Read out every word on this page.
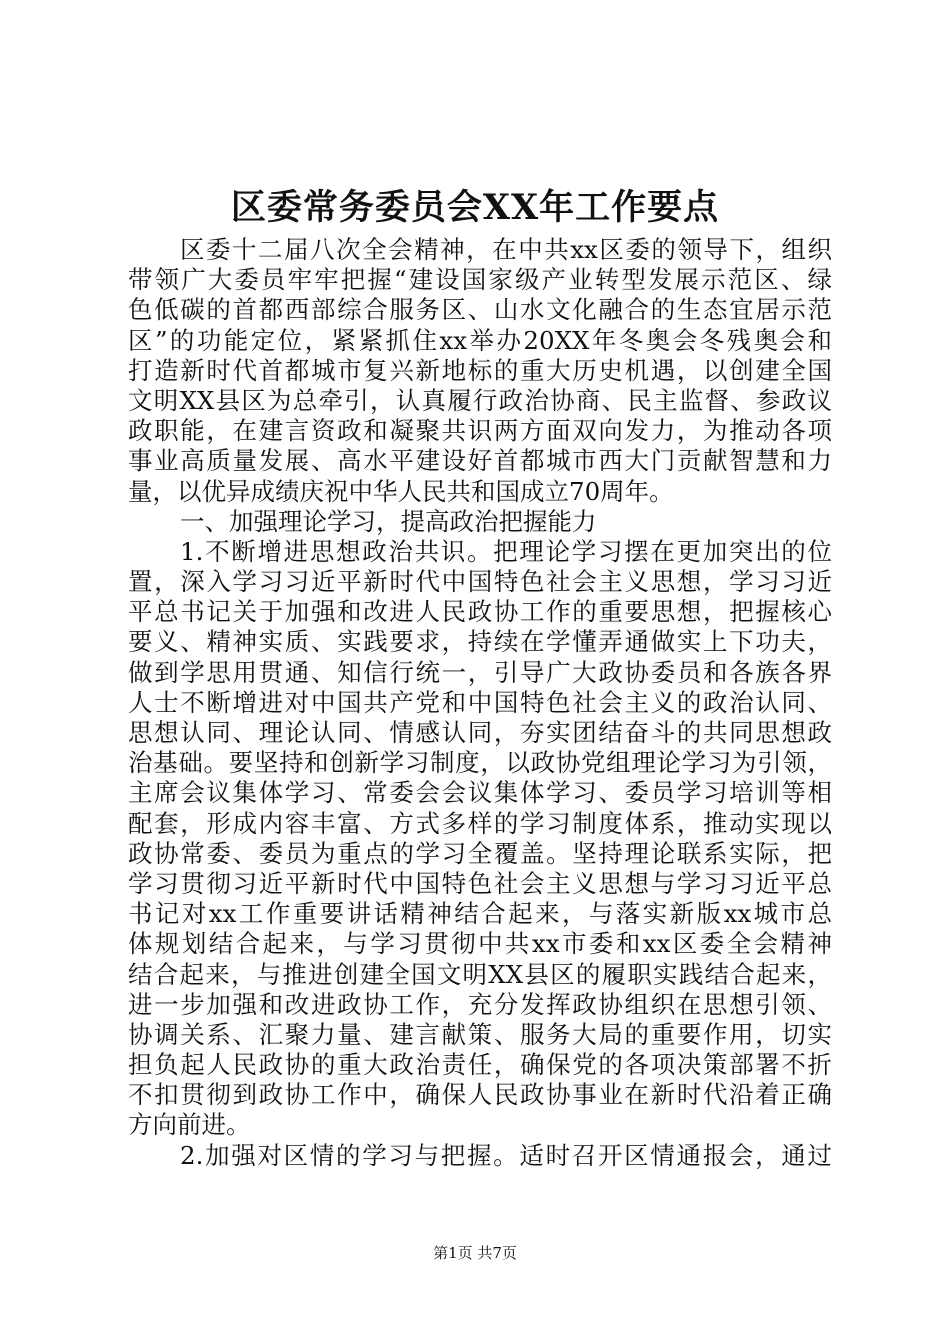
区委常务委员会XX年工作要点
区委十二届八次全会精神，在中共xx区委的领导下，组织
带领广大委员牢牢把握“建设国家级产业转型发展示范区、绿
色低碳的首都西部综合服务区、山水文化融合的生态宜居示范
区”的功能定位，紧紧抓住xx举办20XX年冬奥会冬残奥会和
打造新时代首都城市复兴新地标的重大历史机遇，以创建全国
文明XX县区为总牵引，认真履行政治协商、民主监督、参政议
政职能，在建言资政和凝聚共识两方面双向发力，为推动各项
事业高质量发展、高水平建设好首都城市西大门贡献智慧和力
量，以优异成绩庆祝中华人民共和国成立70周年。
一、加强理论学习，提高政治把握能力
1.不断增进思想政治共识。把理论学习摆在更加突出的位
置，深入学习习近平新时代中国特色社会主义思想，学习习近
平总书记关于加强和改进人民政协工作的重要思想，把握核心
要义、精神实质、实践要求，持续在学懂弄通做实上下功夫，
做到学思用贯通、知信行统一，引导广大政协委员和各族各界
人士不断增进对中国共产党和中国特色社会主义的政治认同、
思想认同、理论认同、情感认同，夯实团结奋斗的共同思想政
治基础。要坚持和创新学习制度，以政协党组理论学习为引领，
主席会议集体学习、常委会会议集体学习、委员学习培训等相
配套，形成内容丰富、方式多样的学习制度体系，推动实现以
政协常委、委员为重点的学习全覆盖。坚持理论联系实际，把
学习贯彻习近平新时代中国特色社会主义思想与学习习近平总
书记对xx工作重要讲话精神结合起来，与落实新版xx城市总
体规划结合起来，与学习贯彻中共xx市委和xx区委全会精神
结合起来，与推进创建全国文明XX县区的履职实践结合起来，
进一步加强和改进政协工作，充分发挥政协组织在思想引领、
协调关系、汇聚力量、建言献策、服务大局的重要作用，切实
担负起人民政协的重大政治责任，确保党的各项决策部署不折
不扣贯彻到政协工作中，确保人民政协事业在新时代沿着正确
方向前进。
2.加强对区情的学习与把握。适时召开区情通报会，通过
第1页 共7页
